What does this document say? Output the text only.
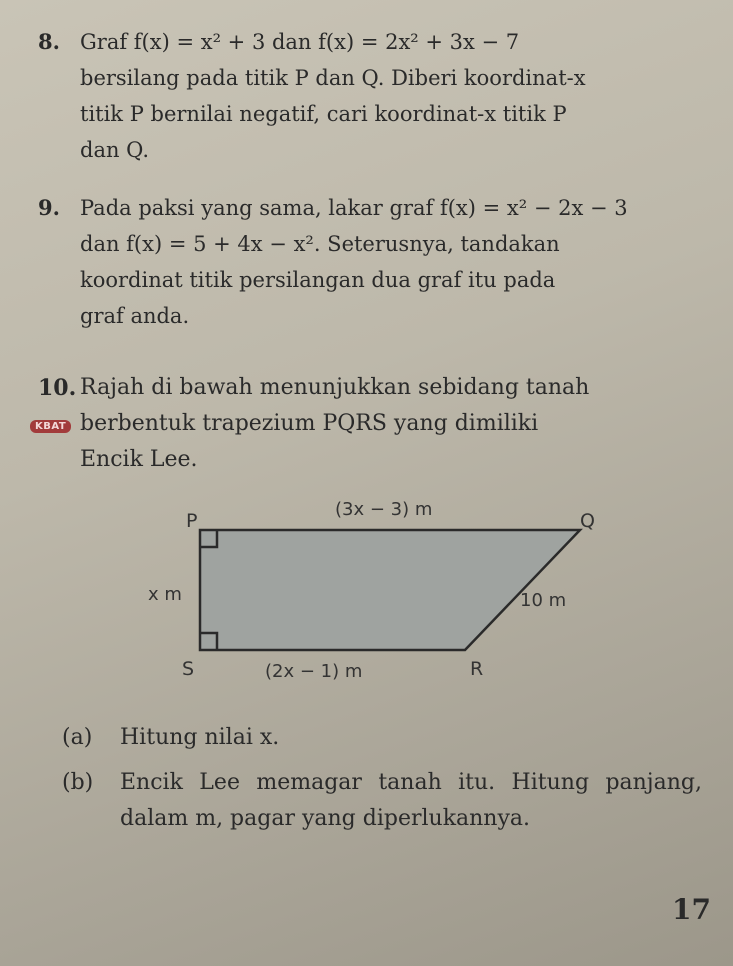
8. Graf f(x) = x² + 3 dan f(x) = 2x² + 3x − 7

bersilang pada titik P dan Q. Diberi koordinat-x

titik P bernilai negatif, cari koordinat-x titik P

dan Q.

9. Pada paksi yang sama, lakar graf f(x) = x² − 2x − 3

dan f(x) = 5 + 4x − x². Seterusnya, tandakan

koordinat titik persilangan dua graf itu pada

graf anda.

10. Rajah di bawah menunjukkan sebidang tanah

berbentuk trapezium PQRS yang dimiliki

Encik Lee.

KBAT
P	Q
R
S
(3x − 3) m
x m	10 m
(2x − 1) m
(a) Hitung nilai x.
(b) Encik Lee memagar tanah itu. Hitung panjang, dalam m, pagar yang diperlukannya.
17
